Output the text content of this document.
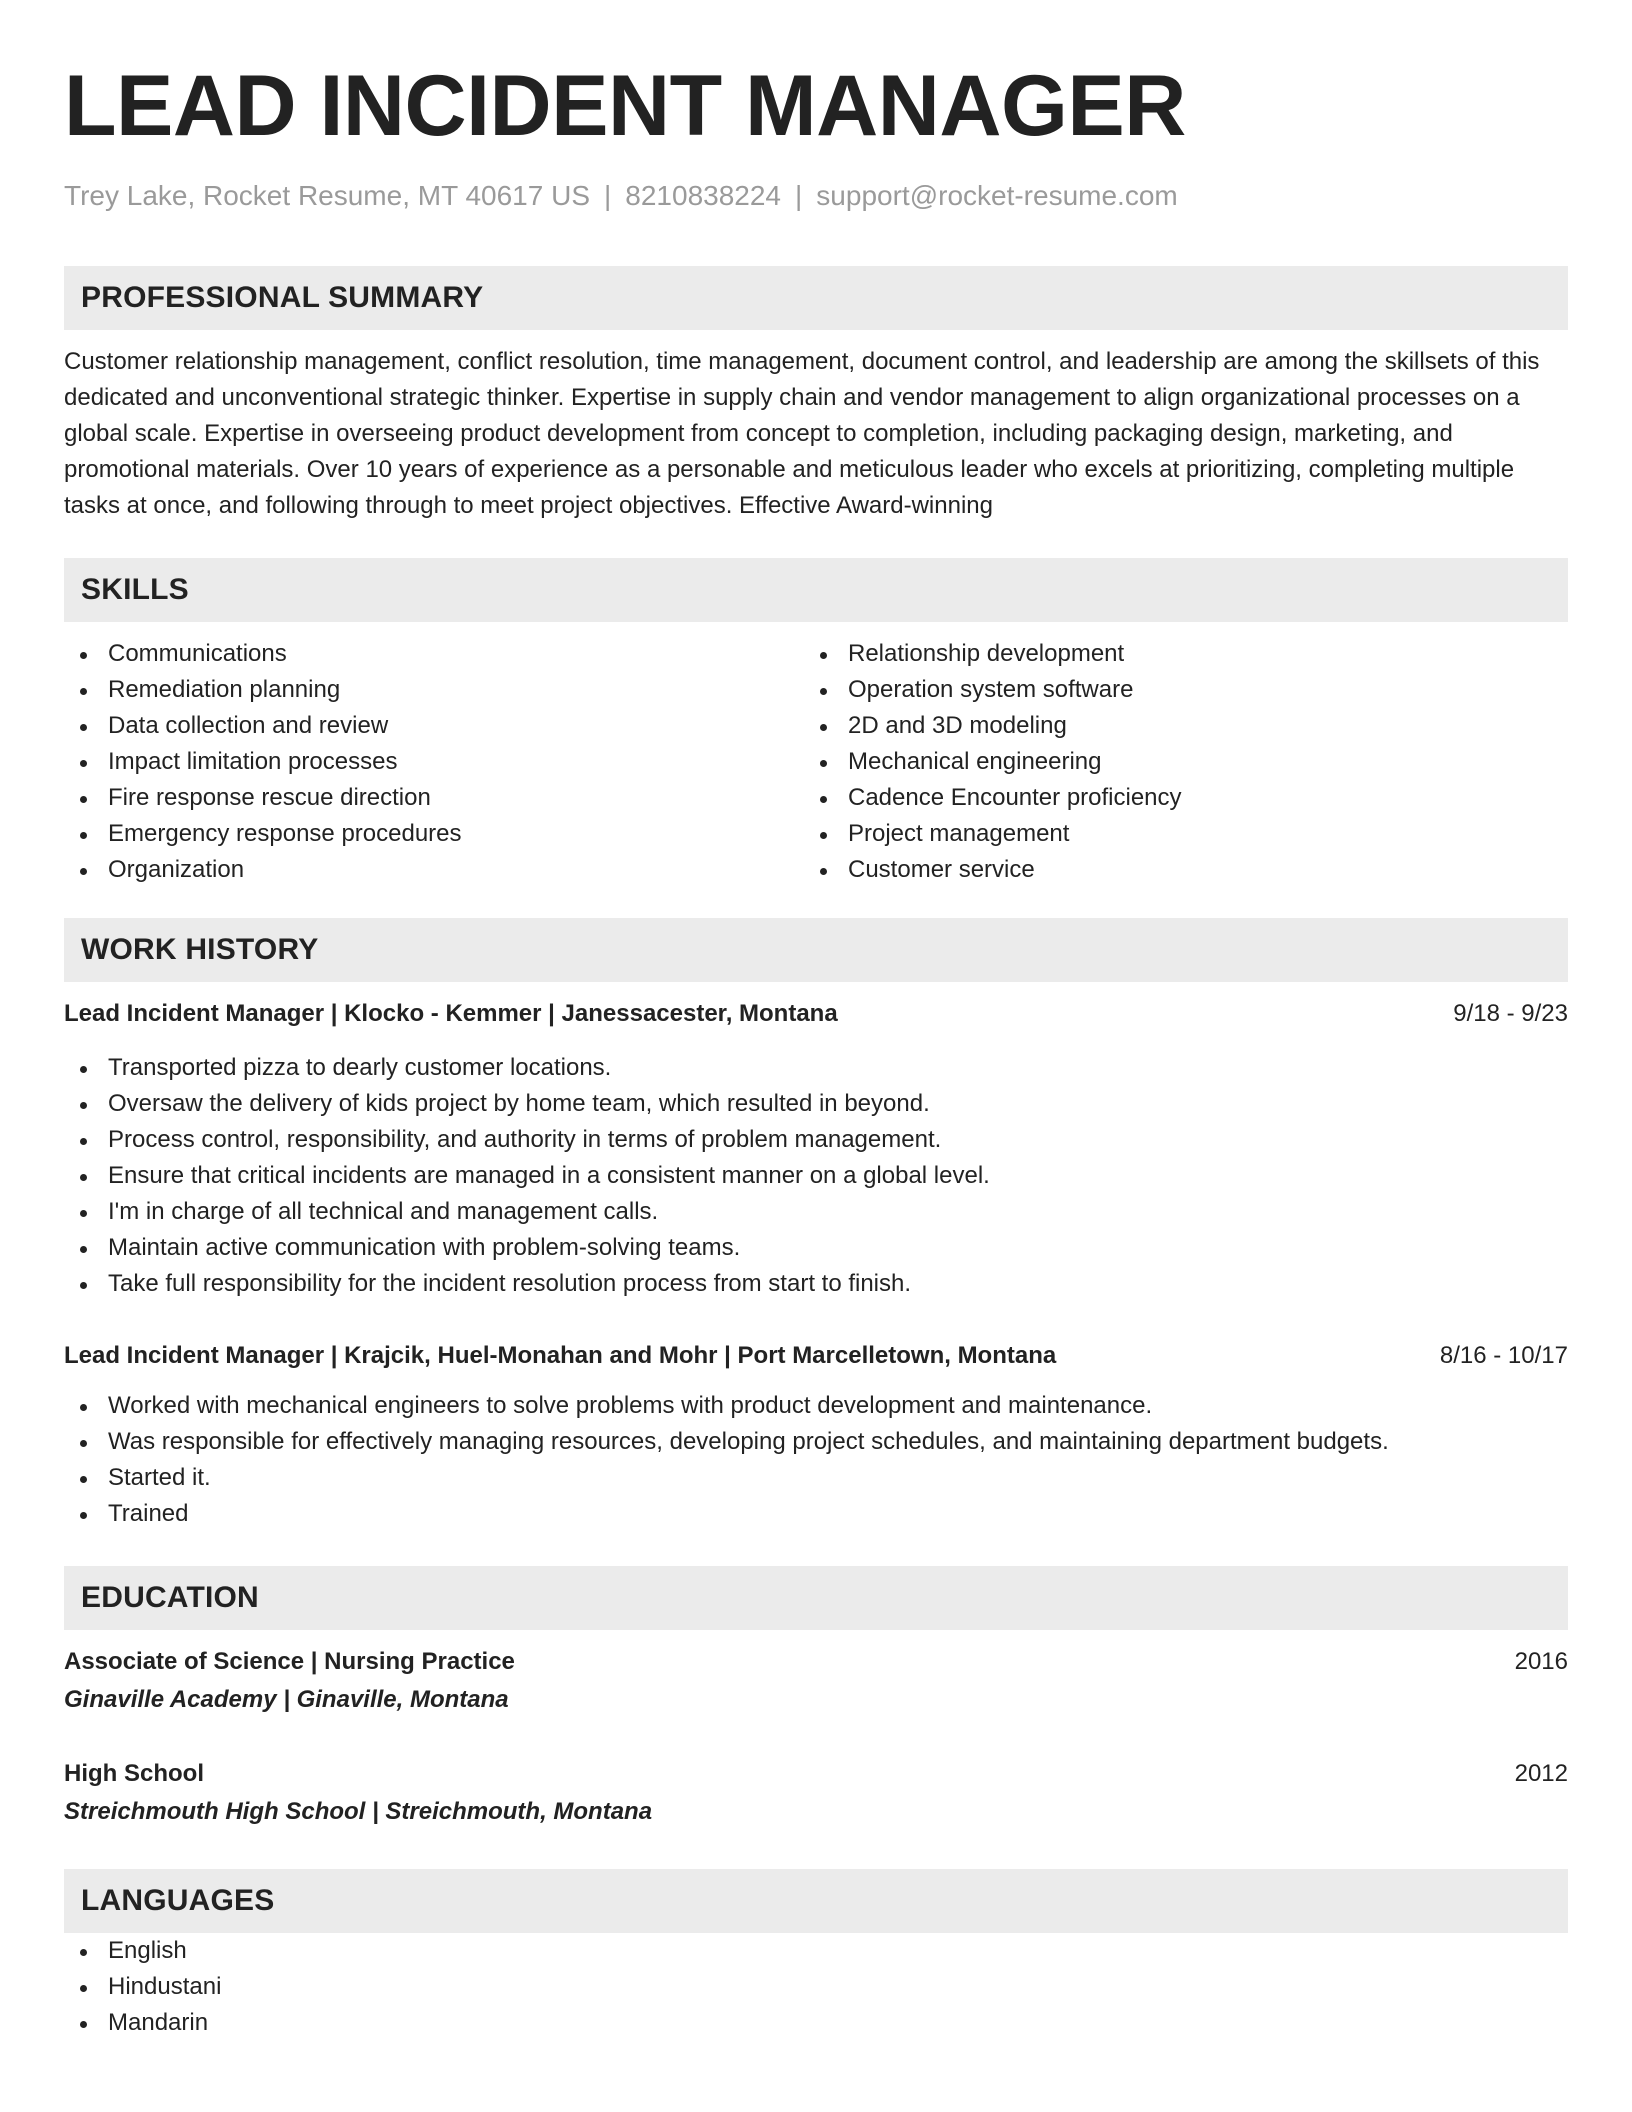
LEAD INCIDENT MANAGER
Trey Lake, Rocket Resume, MT 40617 US | 8210838224 | support@rocket-resume.com
PROFESSIONAL SUMMARY
Customer relationship management, conflict resolution, time management, document control, and leadership are among the skillsets of this dedicated and unconventional strategic thinker. Expertise in supply chain and vendor management to align organizational processes on a global scale. Expertise in overseeing product development from concept to completion, including packaging design, marketing, and promotional materials. Over 10 years of experience as a personable and meticulous leader who excels at prioritizing, completing multiple tasks at once, and following through to meet project objectives. Effective Award-winning
SKILLS
Communications
Remediation planning
Data collection and review
Impact limitation processes
Fire response rescue direction
Emergency response procedures
Organization
Relationship development
Operation system software
2D and 3D modeling
Mechanical engineering
Cadence Encounter proficiency
Project management
Customer service
WORK HISTORY
Lead Incident Manager | Klocko - Kemmer | Janessacester, Montana	9/18 - 9/23
Transported pizza to dearly customer locations.
Oversaw the delivery of kids project by home team, which resulted in beyond.
Process control, responsibility, and authority in terms of problem management.
Ensure that critical incidents are managed in a consistent manner on a global level.
I'm in charge of all technical and management calls.
Maintain active communication with problem-solving teams.
Take full responsibility for the incident resolution process from start to finish.
Lead Incident Manager | Krajcik, Huel-Monahan and Mohr | Port Marcelletown, Montana	8/16 - 10/17
Worked with mechanical engineers to solve problems with product development and maintenance.
Was responsible for effectively managing resources, developing project schedules, and maintaining department budgets.
Started it.
Trained
EDUCATION
Associate of Science | Nursing Practice	2016
Ginaville Academy | Ginaville, Montana
High School	2012
Streichmouth High School | Streichmouth, Montana
LANGUAGES
English
Hindustani
Mandarin
